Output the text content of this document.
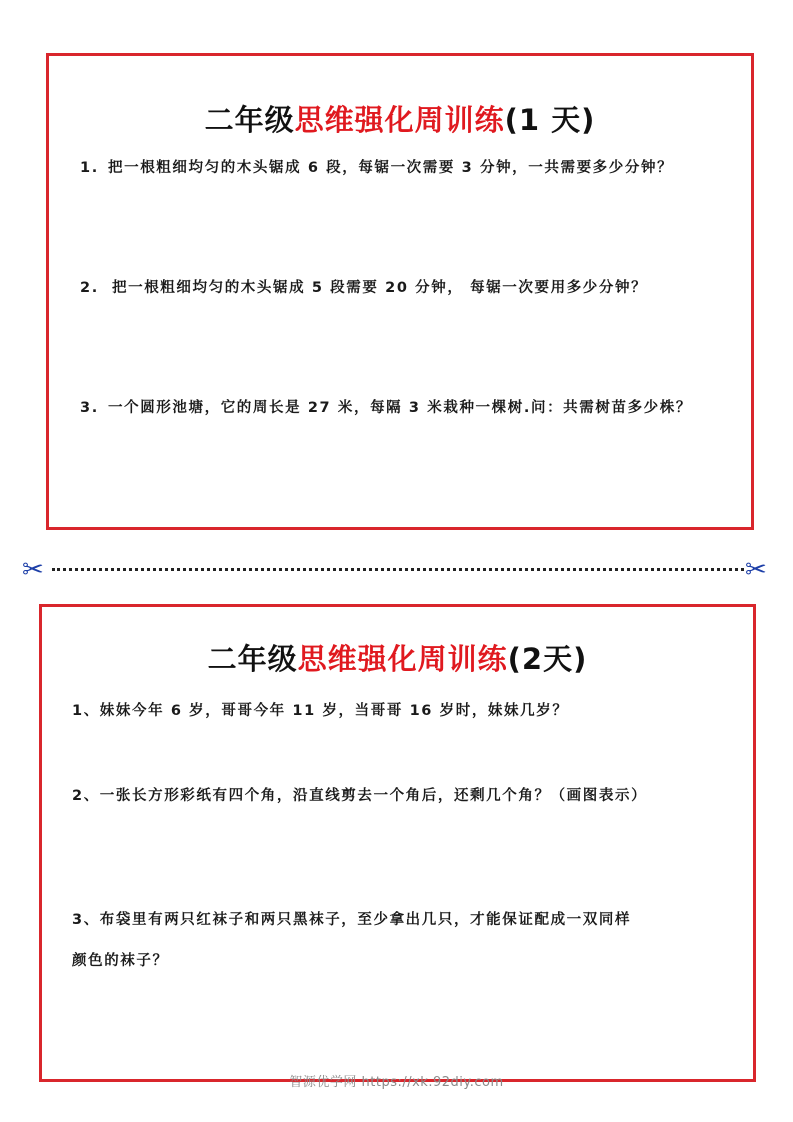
二年级思维强化周训练(1 天)
1. 把一根粗细均匀的木头锯成 6 段，每锯一次需要 3 分钟，一共需要多少分钟？
2. 把一根粗细均匀的木头锯成 5 段需要 20 分钟， 每锯一次要用多少分钟？
3. 一个圆形池塘，它的周长是 27 米，每隔 3 米栽种一棵树.问：共需树苗多少株？
✂	✂
二年级思维强化周训练(2天)
1、妹妹今年 6 岁，哥哥今年 11 岁，当哥哥 16 岁时，妹妹几岁？
2、一张长方形彩纸有四个角，沿直线剪去一个角后，还剩几个角？（画图表示）
3、布袋里有两只红袜子和两只黑袜子，至少拿出几只，才能保证配成一双同样
颜色的袜子？
智源优学网 https://xk.92diy.com
